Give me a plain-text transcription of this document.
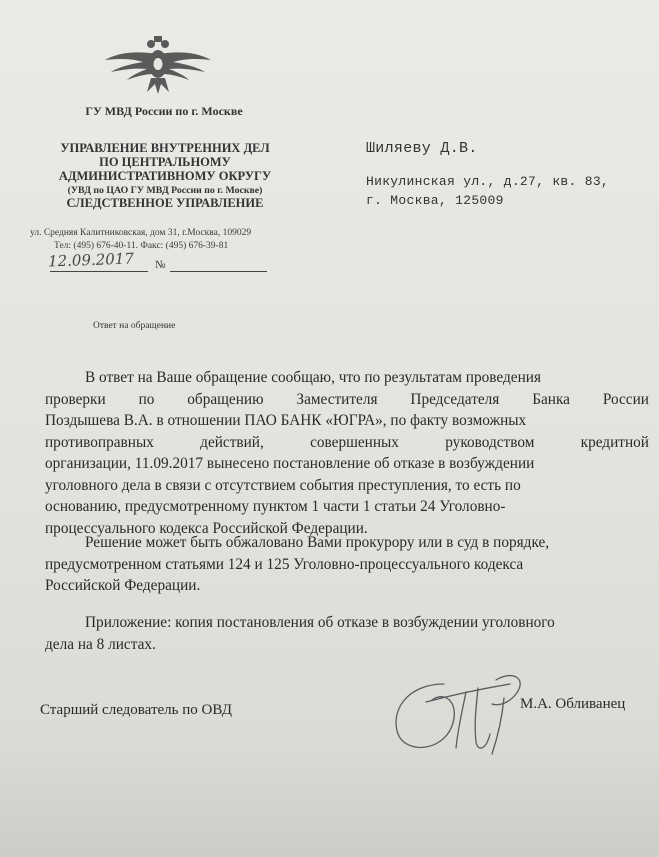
ГУ МВД России по г. Москве
УПРАВЛЕНИЕ ВНУТРЕННИХ ДЕЛ
ПО ЦЕНТРАЛЬНОМУ
АДМИНИСТРАТИВНОМУ ОКРУГУ
(УВД по ЦАО ГУ МВД России по г. Москве)
СЛЕДСТВЕННОЕ УПРАВЛЕНИЕ
ул. Средняя Калитниковская, дом 31, г.Москва, 109029
Тел: (495) 676-40-11. Факс: (495) 676-39-81
Шиляеву Д.В.
Никулинская ул., д.27, кв. 83,
г. Москва, 125009
12.09.2017 №
Ответ на обращение
В ответ на Ваше обращение сообщаю, что по результатам проведения
проверки по обращению Заместителя Председателя Банка России
Поздышева В.А. в отношении ПАО БАНК «ЮГРА», по факту возможных
противоправных	действий,	совершенных	руководством	кредитной
организации, 11.09.2017 вынесено постановление об отказе в возбуждении
уголовного дела в связи с отсутствием события преступления, то есть по
основанию, предусмотренному пунктом 1 части 1 статьи 24 Уголовно-
процессуального кодекса Российской Федерации.
Решение может быть обжаловано Вами прокурору или в суд в порядке,
предусмотренном статьями 124 и 125 Уголовно-процессуального кодекса
Российской Федерации.
Приложение: копия постановления об отказе в возбуждении уголовного
дела на 8 листах.
Старший следователь по ОВД	М.А. Обливанец
